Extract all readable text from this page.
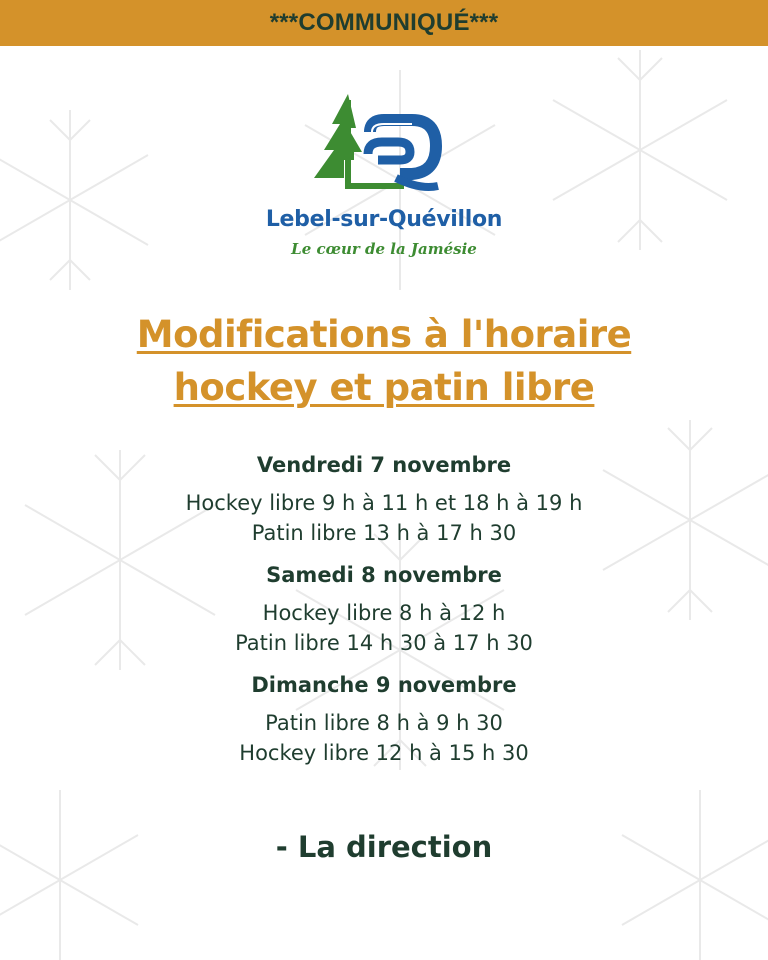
***COMMUNIQUÉ***
Lebel-sur-Quévillon
Le cœur de la Jamésie
Modifications à l'horaire
hockey et patin libre
Vendredi 7 novembre
Hockey libre 9 h à 11 h et 18 h à 19 h
Patin libre 13 h à 17 h 30
Samedi 8 novembre
Hockey libre 8 h à 12 h
Patin libre 14 h 30 à 17 h 30
Dimanche 9 novembre
Patin libre 8 h à 9 h 30
Hockey libre 12 h à 15 h 30
- La direction
